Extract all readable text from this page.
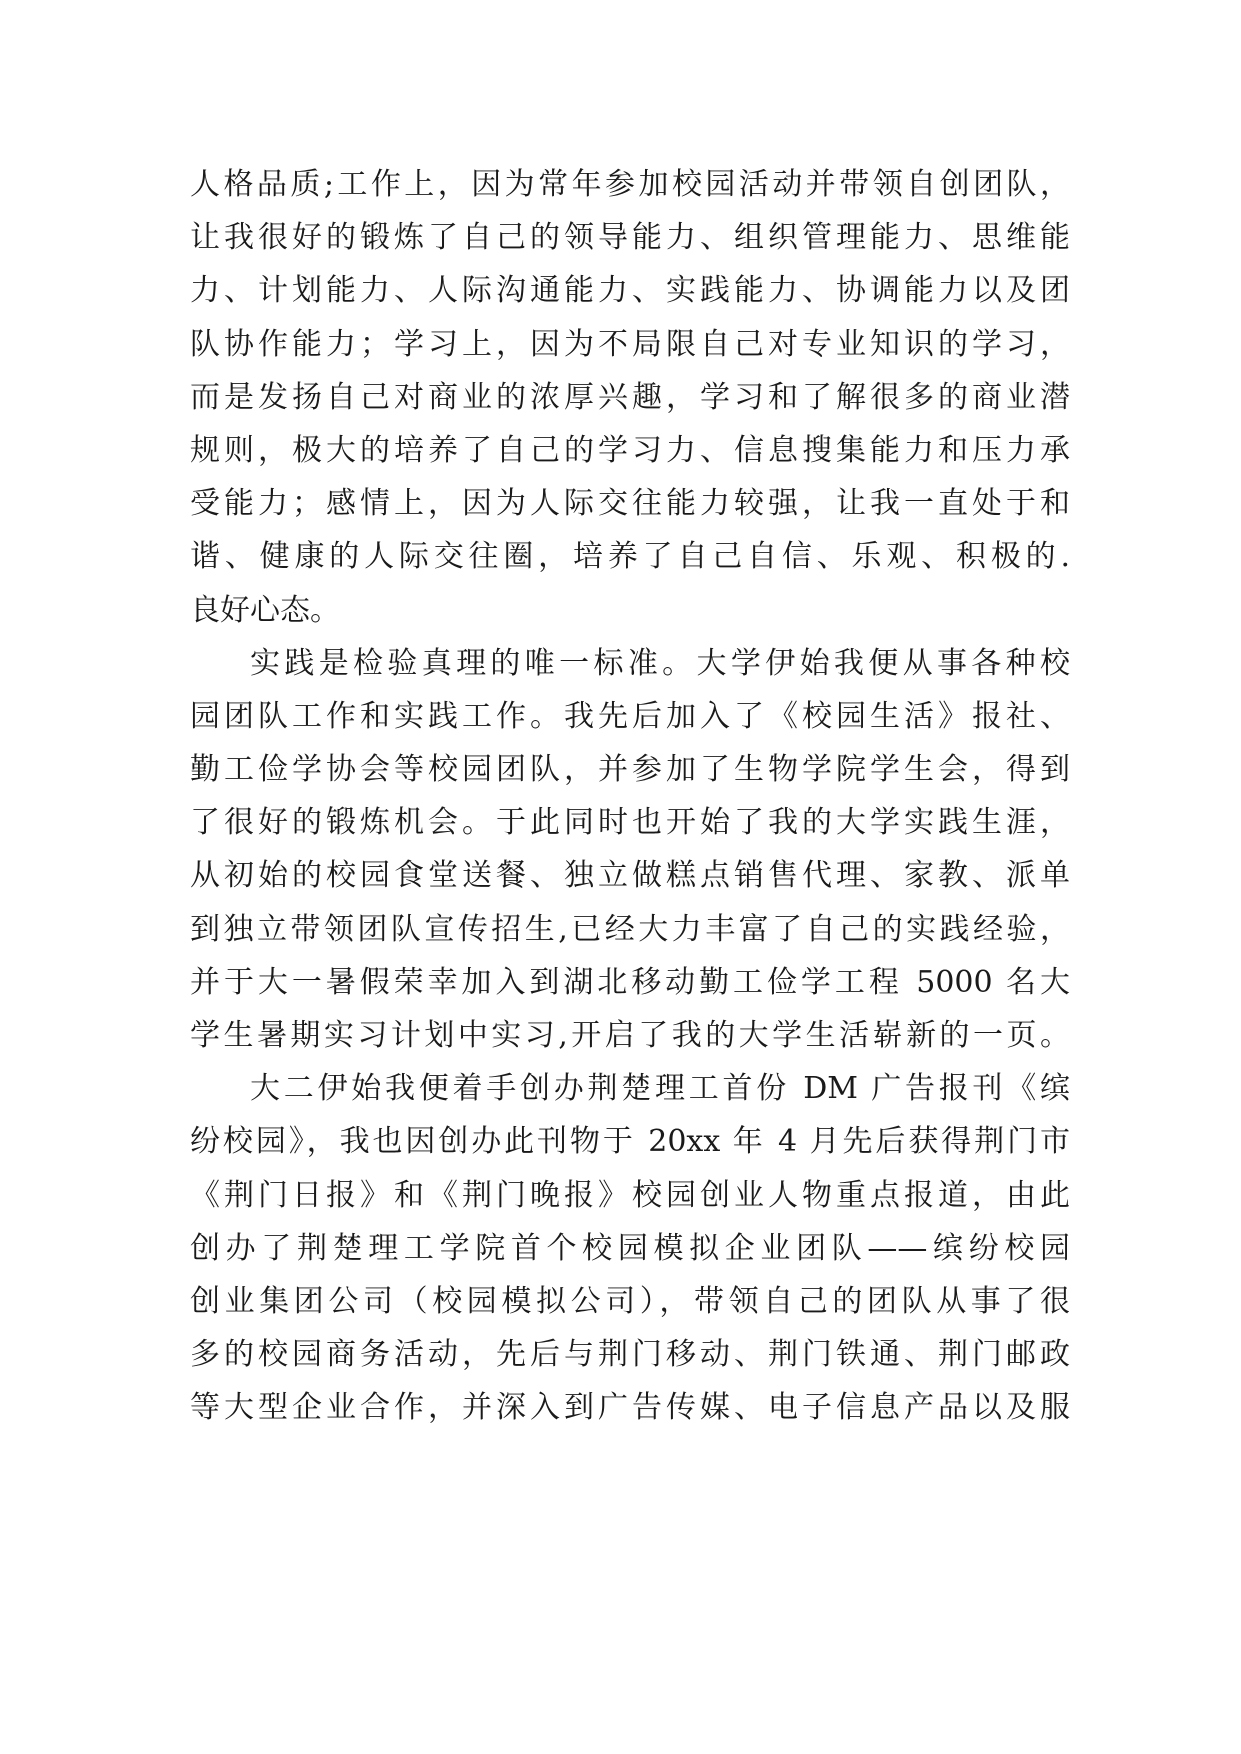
人格品质;工作上，因为常年参加校园活动并带领自创团队，
让我很好的锻炼了自己的领导能力、组织管理能力、思维能
力、计划能力、人际沟通能力、实践能力、协调能力以及团
队协作能力；学习上，因为不局限自己对专业知识的学习，
而是发扬自己对商业的浓厚兴趣，学习和了解很多的商业潜
规则，极大的培养了自己的学习力、信息搜集能力和压力承
受能力；感情上，因为人际交往能力较强，让我一直处于和
谐、健康的人际交往圈，培养了自己自信、乐观、积极的.
良好心态。
实践是检验真理的唯一标准。大学伊始我便从事各种校
园团队工作和实践工作。我先后加入了《校园生活》报社、
勤工俭学协会等校园团队，并参加了生物学院学生会，得到
了很好的锻炼机会。于此同时也开始了我的大学实践生涯，
从初始的校园食堂送餐、独立做糕点销售代理、家教、派单
到独立带领团队宣传招生,已经大力丰富了自己的实践经验，
并于大一暑假荣幸加入到湖北移动勤工俭学工程 5000 名大
学生暑期实习计划中实习,开启了我的大学生活崭新的一页。
大二伊始我便着手创办荆楚理工首份 DM 广告报刊《缤
纷校园》，我也因创办此刊物于 20xx 年 4 月先后获得荆门市
《荆门日报》和《荆门晚报》校园创业人物重点报道，由此
创办了荆楚理工学院首个校园模拟企业团队——缤纷校园
创业集团公司（校园模拟公司），带领自己的团队从事了很
多的校园商务活动，先后与荆门移动、荆门铁通、荆门邮政
等大型企业合作，并深入到广告传媒、电子信息产品以及服
